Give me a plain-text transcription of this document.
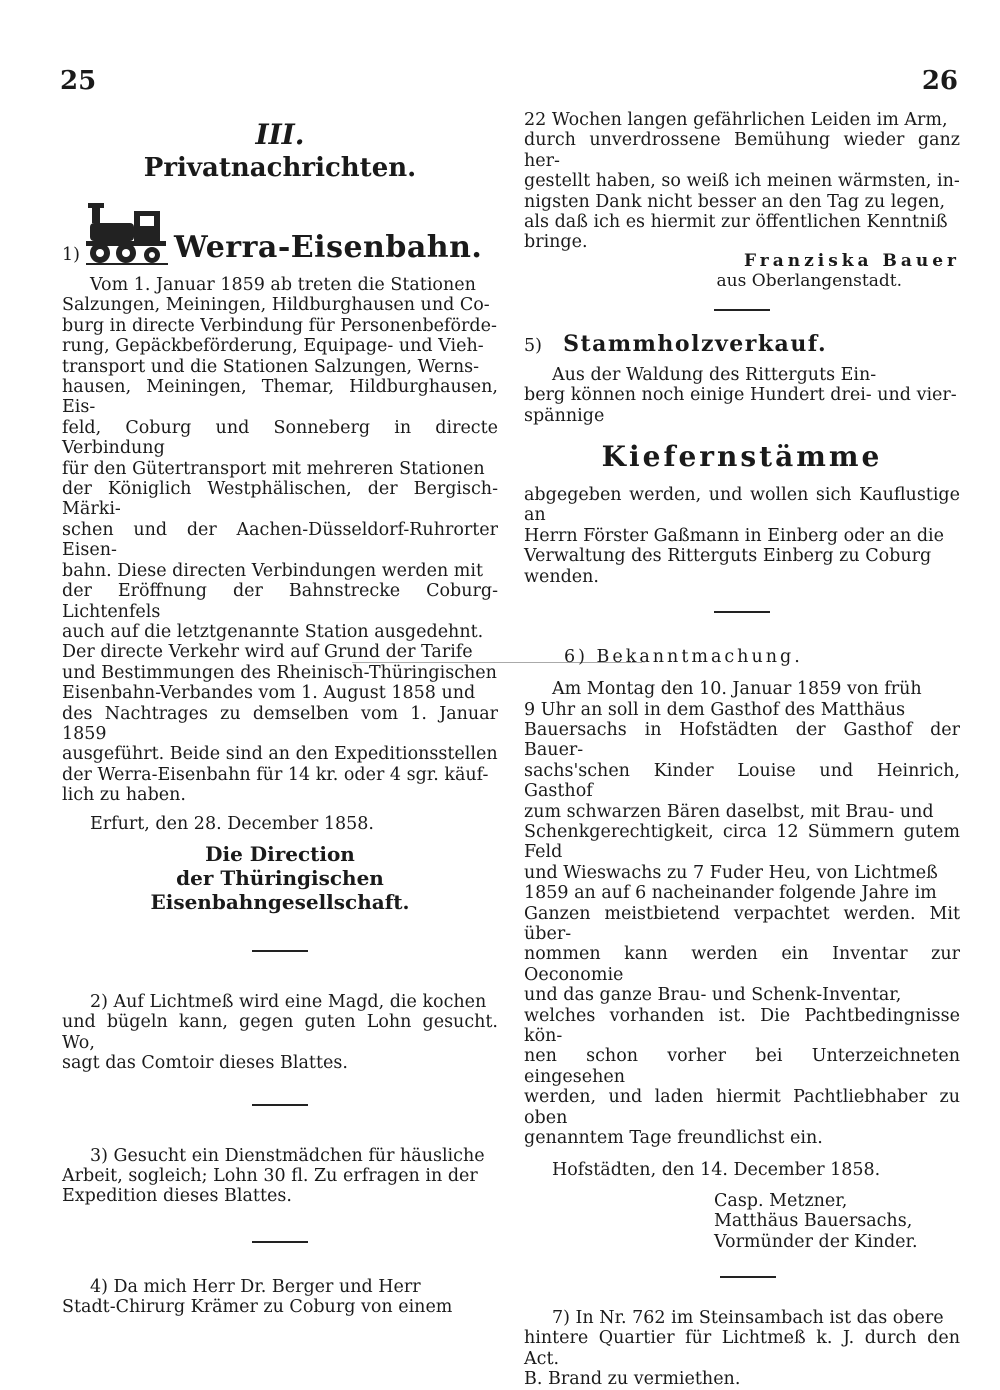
25	26
III.
Privatnachrichten.
1)	Werra-Eisenbahn.

Vom 1. Januar 1859 ab treten die Stationen

Salzungen, Meiningen, Hildburghausen und Co-

burg in directe Verbindung für Personenbeförde-

rung, Gepäckbeförderung, Equipage- und Vieh-

transport und die Stationen Salzungen, Werns-

hausen, Meiningen, Themar, Hildburghausen, Eis-

feld, Coburg und Sonneberg in directe Verbindung

für den Gütertransport mit mehreren Stationen

der Königlich Westphälischen, der Bergisch-Märki-

schen und der Aachen-Düsseldorf-Ruhrorter Eisen-

bahn. Diese directen Verbindungen werden mit

der Eröffnung der Bahnstrecke Coburg-Lichtenfels

auch auf die letztgenannte Station ausgedehnt.

Der directe Verkehr wird auf Grund der Tarife

und Bestimmungen des Rheinisch-Thüringischen

Eisenbahn-Verbandes vom 1. August 1858 und

des Nachtrages zu demselben vom 1. Januar 1859

ausgeführt. Beide sind an den Expeditionsstellen

der Werra-Eisenbahn für 14 kr. oder 4 sgr. käuf-

lich zu haben.

Erfurt, den 28. December 1858.

Die Direction
der Thüringischen Eisenbahngesellschaft.

2) Auf Lichtmeß wird eine Magd, die kochen

und bügeln kann, gegen guten Lohn gesucht. Wo,

sagt das Comtoir dieses Blattes.

3) Gesucht ein Dienstmädchen für häusliche

Arbeit, sogleich; Lohn 30 fl. Zu erfragen in der

Expedition dieses Blattes.

4) Da mich Herr Dr. Berger und Herr

Stadt-Chirurg Krämer zu Coburg von einem

22 Wochen langen gefährlichen Leiden im Arm,

durch unverdrossene Bemühung wieder ganz her-

gestellt haben, so weiß ich meinen wärmsten, in-

nigsten Dank nicht besser an den Tag zu legen,

als daß ich es hiermit zur öffentlichen Kenntniß

bringe.

Franziska Bauer
aus Oberlangenstadt.
5) Stammholzverkauf.

Aus der Waldung des Ritterguts Ein-

berg können noch einige Hundert drei- und vier-

spännige

Kiefernstämme

abgegeben werden, und wollen sich Kauflustige an

Herrn Förster Gaßmann in Einberg oder an die

Verwaltung des Ritterguts Einberg zu Coburg

wenden.

6) Bekanntmachung.

Am Montag den 10. Januar 1859 von früh

9 Uhr an soll in dem Gasthof des Matthäus

Bauersachs in Hofstädten der Gasthof der Bauer-

sachs'schen Kinder Louise und Heinrich, Gasthof

zum schwarzen Bären daselbst, mit Brau- und

Schenkgerechtigkeit, circa 12 Sümmern gutem Feld

und Wieswachs zu 7 Fuder Heu, von Lichtmeß

1859 an auf 6 nacheinander folgende Jahre im

Ganzen meistbietend verpachtet werden. Mit über-

nommen kann werden ein Inventar zur Oeconomie

und das ganze Brau- und Schenk-Inventar,

welches vorhanden ist. Die Pachtbedingnisse kön-

nen schon vorher bei Unterzeichneten eingesehen

werden, und laden hiermit Pachtliebhaber zu oben

genanntem Tage freundlichst ein.

Hofstädten, den 14. December 1858.

Casp. Metzner,

Matthäus Bauersachs,

Vormünder der Kinder.

7) In Nr. 762 im Steinsambach ist das obere

hintere Quartier für Lichtmeß k. J. durch den Act.

B. Brand zu vermiethen.
